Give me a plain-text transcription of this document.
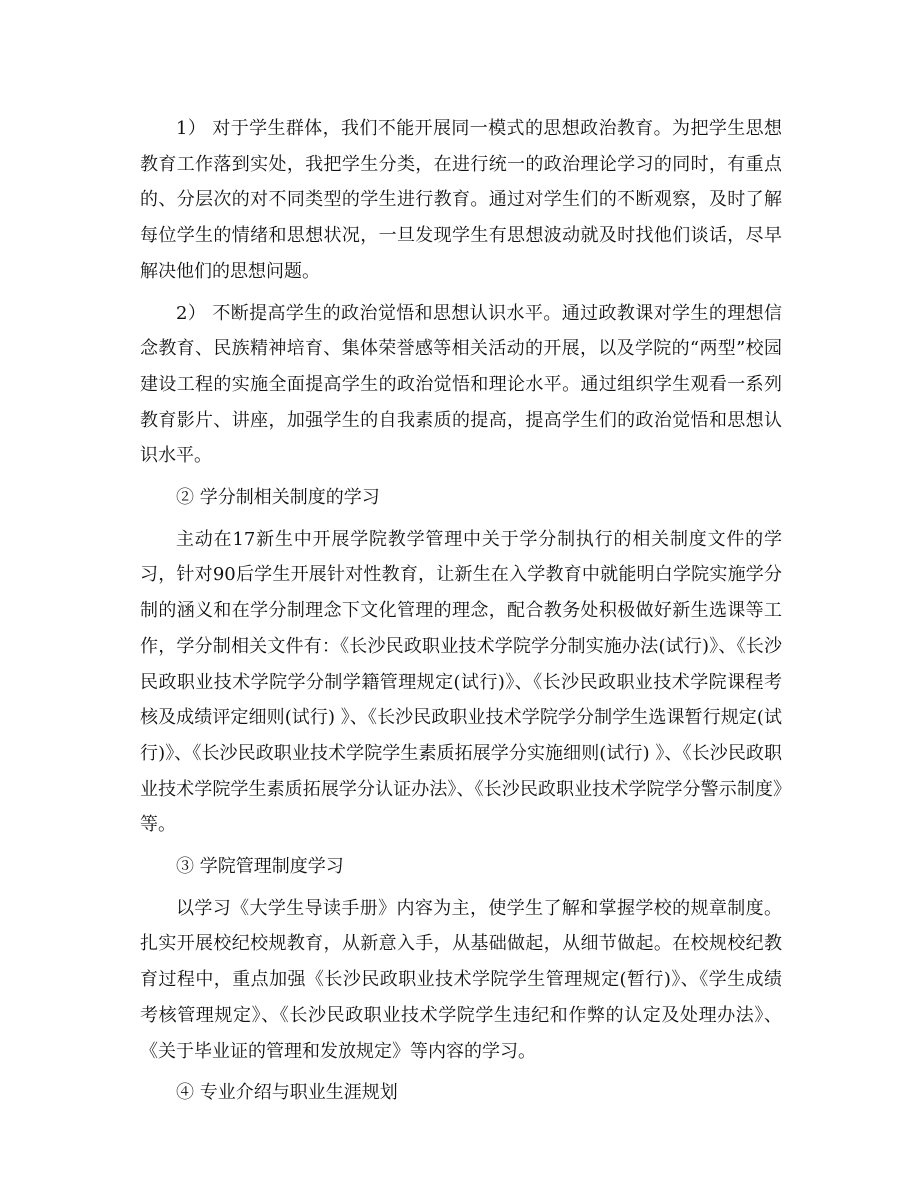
1） 对于学生群体，我们不能开展同一模式的思想政治教育。为把学生思想教育工作落到实处，我把学生分类，在进行统一的政治理论学习的同时，有重点的、分层次的对不同类型的学生进行教育。通过对学生们的不断观察，及时了解每位学生的情绪和思想状况，一旦发现学生有思想波动就及时找他们谈话，尽早解决他们的思想问题。

2） 不断提高学生的政治觉悟和思想认识水平。通过政教课对学生的理想信念教育、民族精神培育、集体荣誉感等相关活动的开展，以及学院的“两型”校园建设工程的实施全面提高学生的政治觉悟和理论水平。通过组织学生观看一系列教育影片、讲座，加强学生的自我素质的提高，提高学生们的政治觉悟和思想认识水平。

② 学分制相关制度的学习

主动在17新生中开展学院教学管理中关于学分制执行的相关制度文件的学习，针对90后学生开展针对性教育，让新生在入学教育中就能明白学院实施学分制的涵义和在学分制理念下文化管理的理念，配合教务处积极做好新生选课等工作，学分制相关文件有：《长沙民政职业技术学院学分制实施办法(试行)》、《长沙民政职业技术学院学分制学籍管理规定(试行)》、《长沙民政职业技术学院课程考核及成绩评定细则(试行) 》、《长沙民政职业技术学院学分制学生选课暂行规定(试行)》、《长沙民政职业技术学院学生素质拓展学分实施细则(试行) 》、《长沙民政职业技术学院学生素质拓展学分认证办法》、《长沙民政职业技术学院学分警示制度》等。

③ 学院管理制度学习

以学习《大学生导读手册》内容为主，使学生了解和掌握学校的规章制度。扎实开展校纪校规教育，从新意入手，从基础做起，从细节做起。在校规校纪教育过程中，重点加强《长沙民政职业技术学院学生管理规定(暂行)》、《学生成绩考核管理规定》、《长沙民政职业技术学院学生违纪和作弊的认定及处理办法》、《关于毕业证的管理和发放规定》等内容的学习。

④ 专业介绍与职业生涯规划
